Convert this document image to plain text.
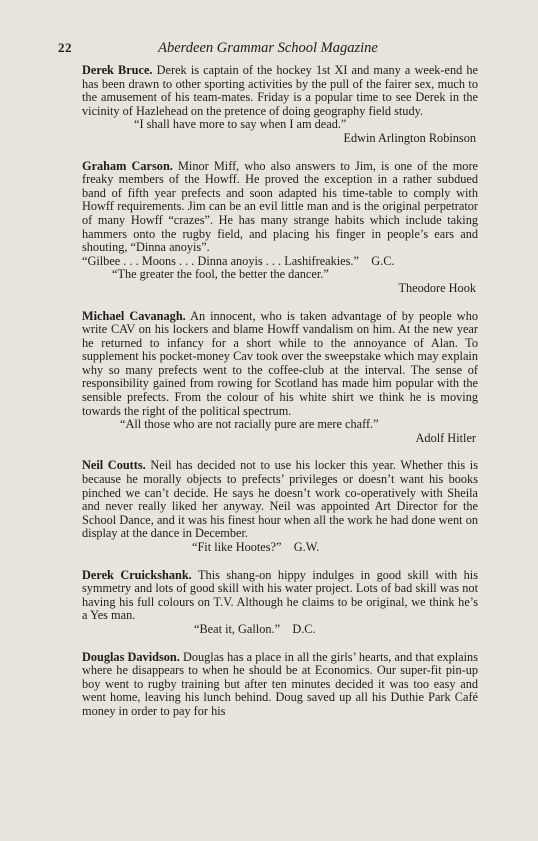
22	Aberdeen Grammar School Magazine

Derek Bruce. Derek is captain of the hockey 1st XI and many a week-end he has been drawn to other sporting activities by the pull of the fairer sex, much to the amusement of his team-mates. Friday is a popular time to see Derek in the vicinity of Hazlehead on the pretence of doing geography field study.

“I shall have more to say when I am dead.”
Edwin Arlington Robinson

Graham Carson. Minor Miff, who also answers to Jim, is one of the more freaky members of the Howff. He proved the exception in a rather subdued band of fifth year prefects and soon adapted his time-table to comply with Howff requirements. Jim can be an evil little man and is the original perpetrator of many Howff “crazes”. He has many strange habits which include taking hammers onto the rugby field, and placing his finger in people’s ears and shouting, “Dinna anoyis”.

“Gilbee . . . Moons . . . Dinna anoyis . . . Lashifreakies.”    G.C.
“The greater the fool, the better the dancer.”
Theodore Hook

Michael Cavanagh. An innocent, who is taken advantage of by people who write CAV on his lockers and blame Howff vandalism on him. At the new year he returned to infancy for a short while to the annoyance of Alan. To supplement his pocket-money Cav took over the sweepstake which may explain why so many prefects went to the coffee-club at the interval. The sense of responsibility gained from rowing for Scotland has made him popular with the sensible prefects. From the colour of his white shirt we think he is moving towards the right of the political spectrum.

“All those who are not racially pure are mere chaff.”
Adolf Hitler

Neil Coutts. Neil has decided not to use his locker this year. Whether this is because he morally objects to prefects’ privileges or doesn’t want his books pinched we can’t decide. He says he doesn’t work co-operatively with Sheila and never really liked her anyway. Neil was appointed Art Director for the School Dance, and it was his finest hour when all the work he had done went on display at the dance in December.

“Fit like Hootes?”    G.W.

Derek Cruickshank. This shang-on hippy indulges in good skill with his symmetry and lots of good skill with his water project. Lots of bad skill was not having his full colours on T.V. Although he claims to be original, we think he’s a Yes man.

“Beat it, Gallon.”    D.C.

Douglas Davidson. Douglas has a place in all the girls’ hearts, and that explains where he disappears to when he should be at Economics. Our super-fit pin-up boy went to rugby training but after ten minutes decided it was too easy and went home, leaving his lunch behind. Doug saved up all his Duthie Park Café money in order to pay for his
